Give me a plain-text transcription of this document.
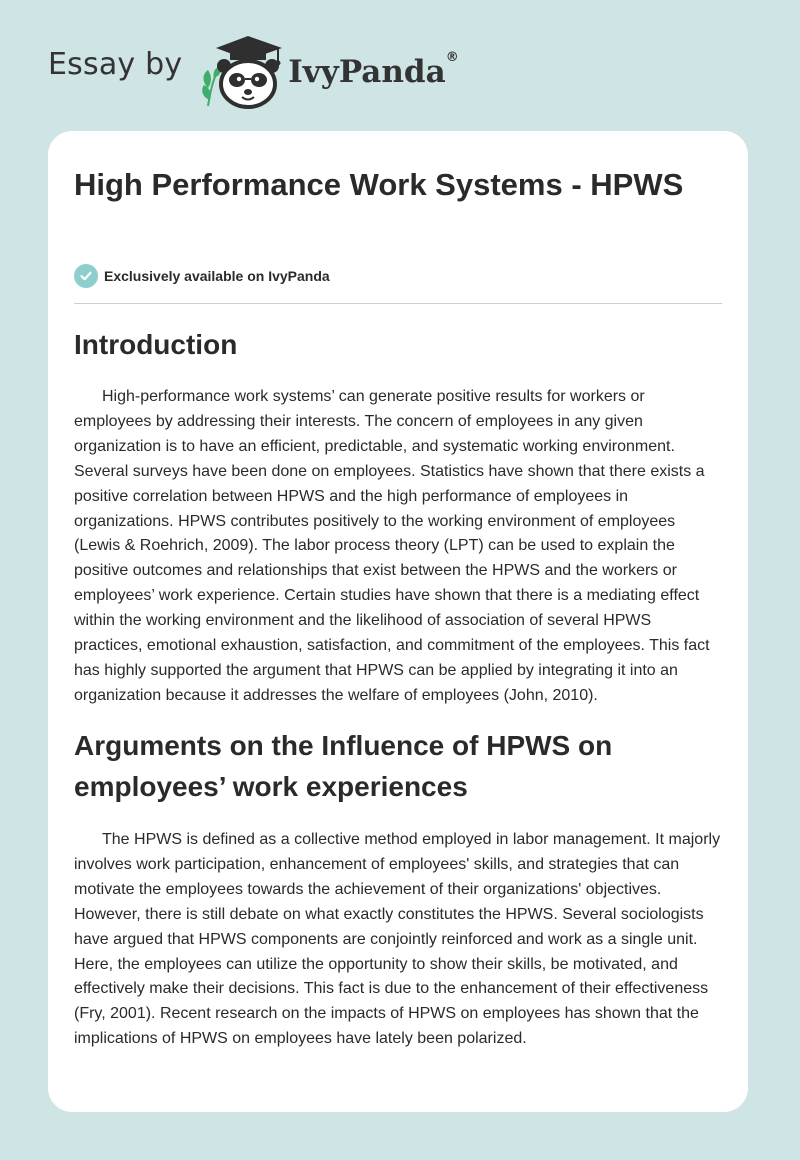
Essay by	IvyPanda®
High Performance Work Systems - HPWS
Exclusively available on IvyPanda
Introduction

High-performance work systems’ can generate positive results for workers or employees by addressing their interests. The concern of employees in any given organization is to have an efficient, predictable, and systematic working environment. Several surveys have been done on employees. Statistics have shown that there exists a positive correlation between HPWS and the high performance of employees in organizations. HPWS contributes positively to the working environment of employees (Lewis & Roehrich, 2009). The labor process theory (LPT) can be used to explain the positive outcomes and relationships that exist between the HPWS and the workers or employees’ work experience. Certain studies have shown that there is a mediating effect within the working environment and the likelihood of association of several HPWS practices, emotional exhaustion, satisfaction, and commitment of the employees. This fact has highly supported the argument that HPWS can be applied by integrating it into an organization because it addresses the welfare of employees (John, 2010).

Arguments on the Influence of HPWS on employees’ work experiences

The HPWS is defined as a collective method employed in labor management. It majorly involves work participation, enhancement of employees' skills, and strategies that can motivate the employees towards the achievement of their organizations' objectives. However, there is still debate on what exactly constitutes the HPWS. Several sociologists have argued that HPWS components are conjointly reinforced and work as a single unit. Here, the employees can utilize the opportunity to show their skills, be motivated, and effectively make their decisions. This fact is due to the enhancement of their effectiveness (Fry, 2001). Recent research on the impacts of HPWS on employees has shown that the implications of HPWS on employees have lately been polarized.
